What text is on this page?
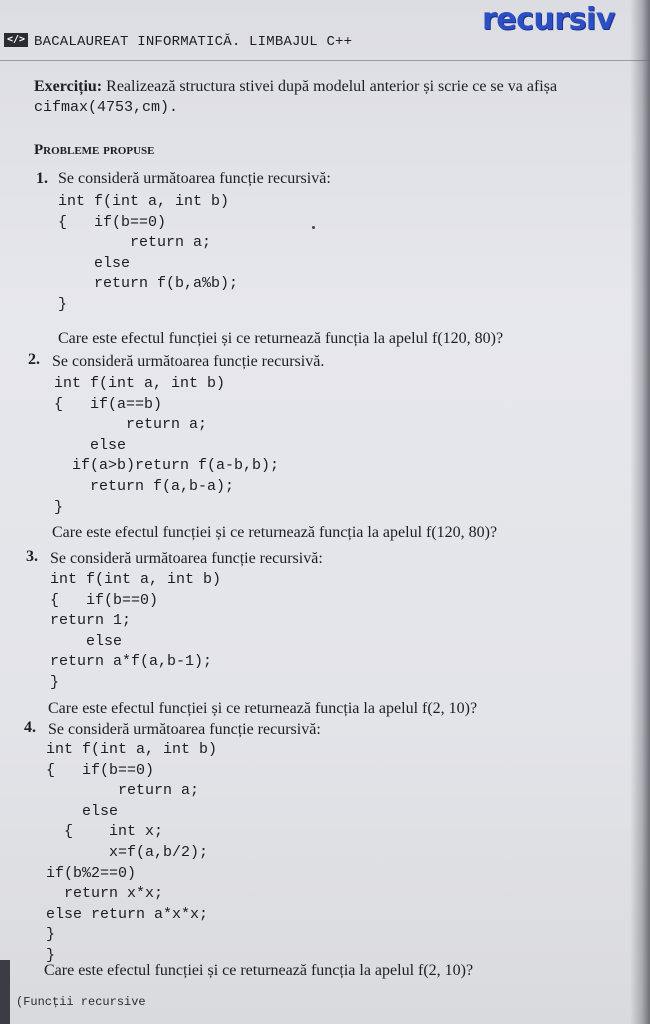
</> BACALAUREAT INFORMATICĂ. LIMBAJUL C++
recursiv
Exercițiu: Realizează structura stivei după modelul anterior și scrie ce se va afișa
cifmax(4753,cm).
Probleme propuse
1. Se consideră următoarea funcție recursivă:
int f(int a, int b)
{   if(b==0)
return a;
else
return f(b,a%b);
}
Care este efectul funcției și ce returnează funcția la apelul f(120, 80)?
2. Se consideră următoarea funcție recursivă.
int f(int a, int b)
{   if(a==b)
return a;
else
if(a>b)return f(a-b,b);
return f(a,b-a);
}
Care este efectul funcției și ce returnează funcția la apelul f(120, 80)?
3. Se consideră următoarea funcție recursivă:
int f(int a, int b)
{   if(b==0)
return 1;
else
return a*f(a,b-1);
}
Care este efectul funcției și ce returnează funcția la apelul f(2, 10)?
4. Se consideră următoarea funcție recursivă:
int f(int a, int b)
{   if(b==0)
return a;
else
{    int x;
x=f(a,b/2);
if(b%2==0)
return x*x;
else return a*x*x;
}
}
Care este efectul funcției și ce returnează funcția la apelul f(2, 10)?
(Funcții recursive
